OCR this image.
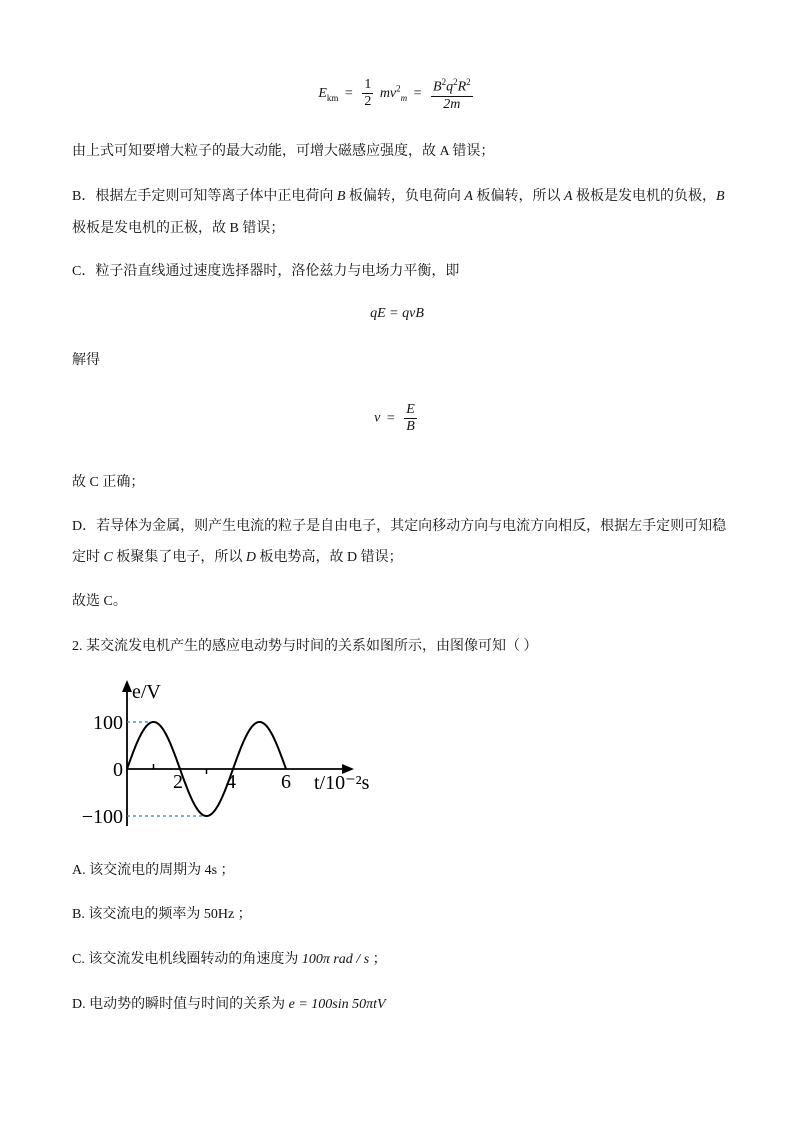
$E_{km} = \frac{1}{2} mv^2_m = \frac{B^2q^2R^2}{2m}$
由上式可知要增大粒子的最大动能，可增大磁感应强度，故 A 错误；
B．根据左手定则可知等离子体中正电荷向 B 板偏转，负电荷向 A 板偏转，所以 A 极板是发电机的负极，B
极板是发电机的正极，故 B 错误；
C．粒子沿直线通过速度选择器时，洛伦兹力与电场力平衡，即
qE = qvB
解得
$v = \frac{E}{B}$
故 C 正确；
D．若导体为金属，则产生电流的粒子是自由电子，其定向移动方向与电流方向相反，根据左手定则可知稳
定时 C 板聚集了电子，所以 D 板电势高，故 D 错误；
故选 C。
2. 某交流发电机产生的感应电动势与时间的关系如图所示，由图像可知（ ）
2 4 6
100
0
−100
e/V
t/10⁻²s
A. 该交流电的周期为 4s ；
B. 该交流电的频率为 50Hz ；
C. 该交流发电机线圈转动的角速度为 100π rad / s ；
D. 电动势的瞬时值与时间的关系为 e = 100sin 50πtV
